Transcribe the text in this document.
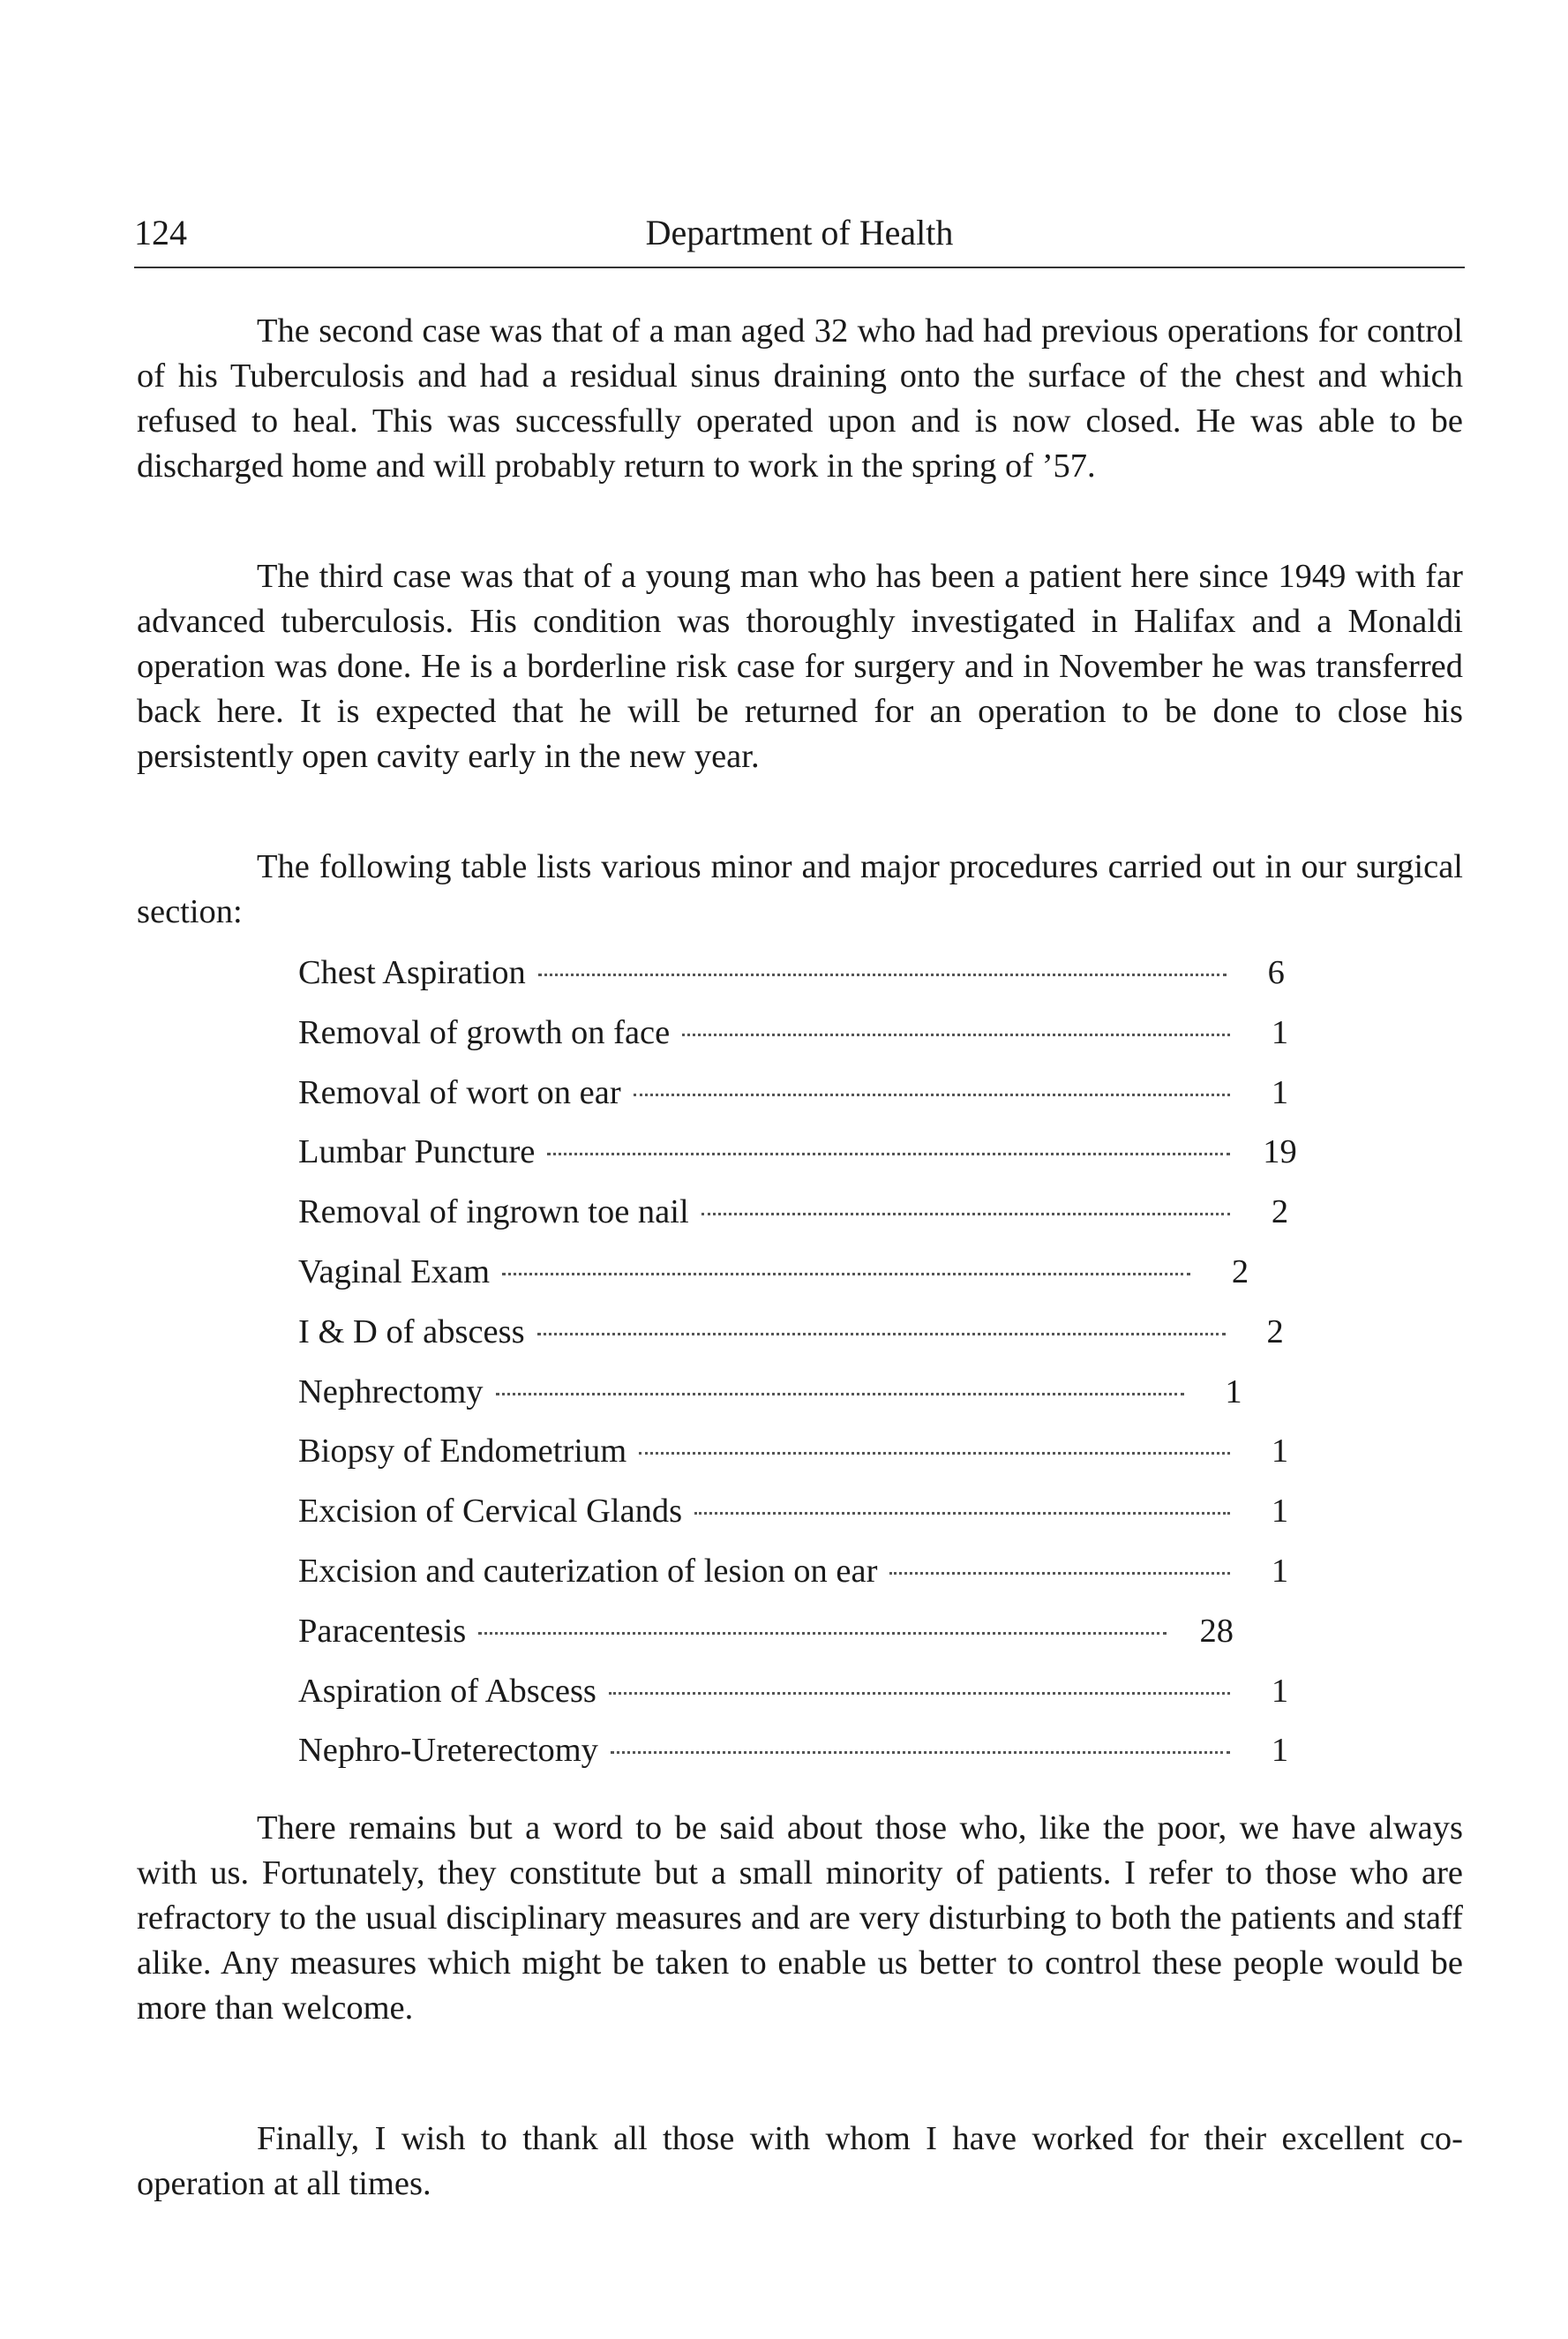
124	Department of Health

The second case was that of a man aged 32 who had had previous operations for control of his Tuberculosis and had a residual sinus draining onto the surface of the chest and which refused to heal. This was successfully operated upon and is now closed. He was able to be discharged home and will probably return to work in the spring of ’57.

The third case was that of a young man who has been a patient here since 1949 with far advanced tuberculosis. His condition was thoroughly investigated in Halifax and a Monaldi operation was done. He is a borderline risk case for surgery and in November he was transferred back here. It is expected that he will be returned for an operation to be done to close his persistently open cavity early in the new year.

The following table lists various minor and major procedures carried out in our surgical section:

Chest Aspiration	6
Removal of growth on face	1
Removal of wort on ear	1
Lumbar Puncture	19
Removal of ingrown toe nail	2
Vaginal Exam	2
I & D of abscess	2
Nephrectomy	1
Biopsy of Endometrium	1
Excision of Cervical Glands	1
Excision and cauterization of lesion on ear	1
Paracentesis	28
Aspiration of Abscess	1
Nephro-Ureterectomy	1

There remains but a word to be said about those who, like the poor, we have always with us. Fortunately, they constitute but a small minority of patients. I refer to those who are refractory to the usual disciplinary measures and are very disturbing to both the patients and staff alike. Any measures which might be taken to enable us better to control these people would be more than welcome.

Finally, I wish to thank all those with whom I have worked for their excellent co-operation at all times.
